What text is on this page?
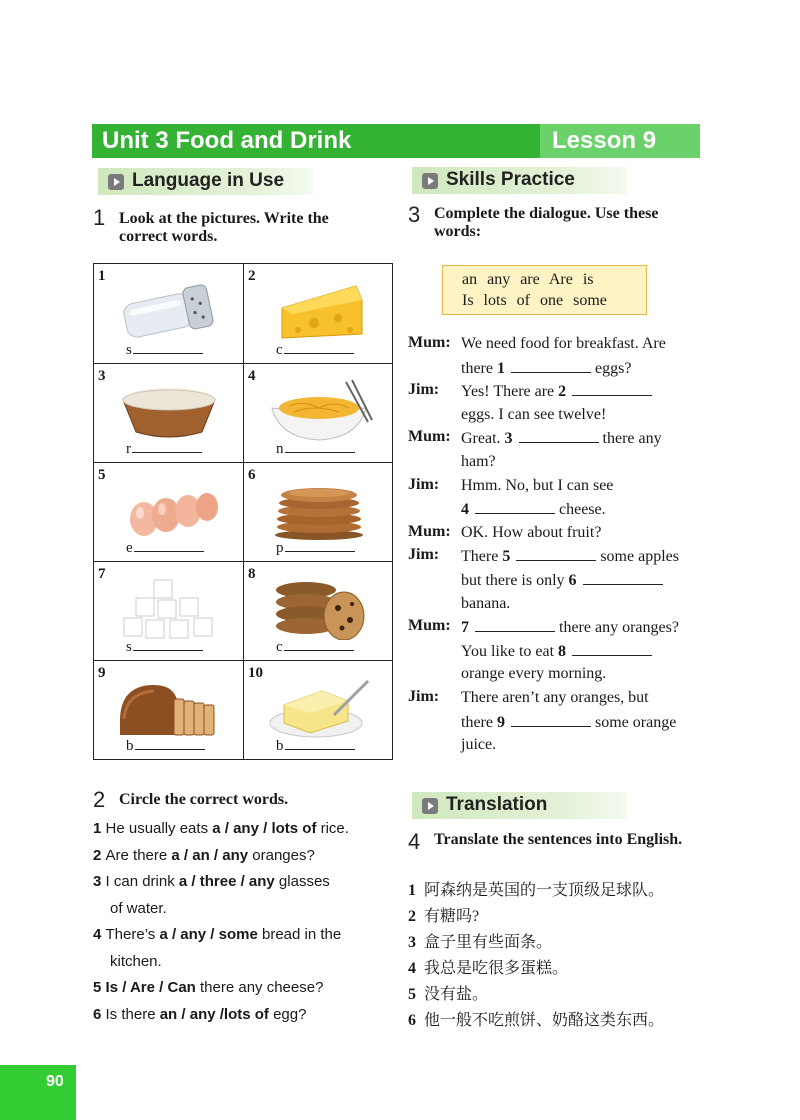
Unit 3 Food and Drink	Lesson 9
Language in Use	Skills Practice
Translation
1 Look at the pictures. Write the correct words.
1
s
2
c
3
r
4
n
5
e
6
p
7
s
8
c
9
b
10
b
2 Circle the correct words.
1 He usually eats a / any / lots of rice.
2 Are there a / an / any oranges?
3 I can drink a / three / any glasses
of water.
4 There’s a / any / some bread in the
kitchen.
5 Is / Are / Can there any cheese?
6 Is there an / any /lots of egg?
3 Complete the dialogue. Use these words:
an any are Are is
Is lots of one some
Mum: We need food for breakfast. Are
there 1	eggs?
Jim: Yes! There are 2
eggs. I can see twelve!
Mum: Great. 3	there any
ham?
Jim: Hmm. No, but I can see
4	cheese.
Mum: OK. How about fruit?
Jim: There 5	some apples
but there is only 6
banana.
Mum: 7	there any oranges?
You like to eat 8
orange every morning.
Jim: There aren’t any oranges, but
there 9	some orange
juice.
4 Translate the sentences into English.
1 阿森纳是英国的一支顶级足球队。
2 有糖吗?
3 盒子里有些面条。
4 我总是吃很多蛋糕。
5 没有盐。
6 他一般不吃煎饼、奶酪这类东西。
90
